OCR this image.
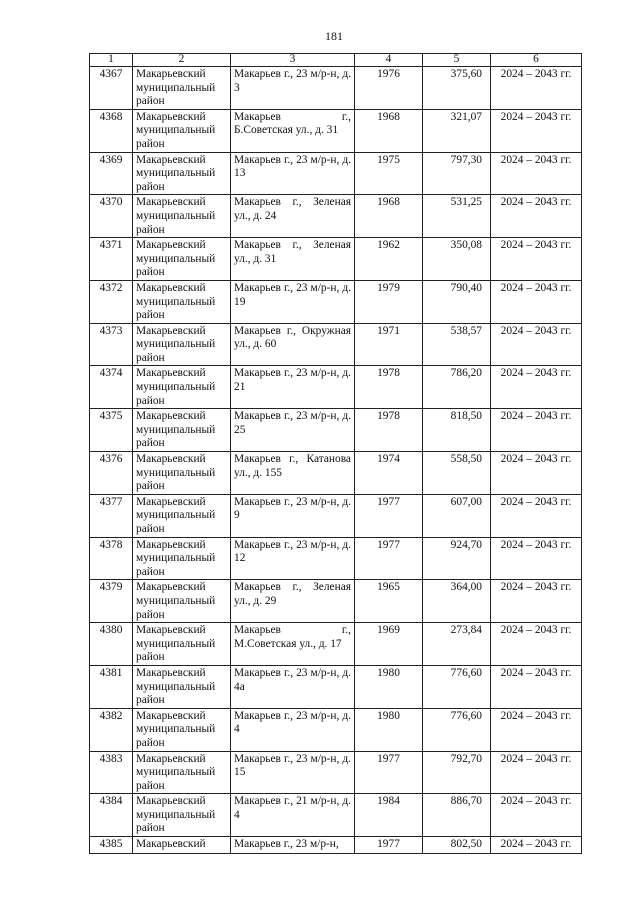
181
1	2	3	4	5	6
4367	Макарьевский муниципальный район	Макарьев г., 23 м/р-н, д. 3	1976	375,60	2024 – 2043 гг.
4368	Макарьевский муниципальный район	Макарьев г., Б.Советская ул., д. 31	1968	321,07	2024 – 2043 гг.
4369	Макарьевский муниципальный район	Макарьев г., 23 м/р-н, д. 13	1975	797,30	2024 – 2043 гг.
4370	Макарьевский муниципальный район	Макарьев г., Зеленая ул., д. 24	1968	531,25	2024 – 2043 гг.
4371	Макарьевский муниципальный район	Макарьев г., Зеленая ул., д. 31	1962	350,08	2024 – 2043 гг.
4372	Макарьевский муниципальный район	Макарьев г., 23 м/р-н, д. 19	1979	790,40	2024 – 2043 гг.
4373	Макарьевский муниципальный район	Макарьев г., Окружная ул., д. 60	1971	538,57	2024 – 2043 гг.
4374	Макарьевский муниципальный район	Макарьев г., 23 м/р-н, д. 21	1978	786,20	2024 – 2043 гг.
4375	Макарьевский муниципальный район	Макарьев г., 23 м/р-н, д. 25	1978	818,50	2024 – 2043 гг.
4376	Макарьевский муниципальный район	Макарьев г., Катанова ул., д. 155	1974	558,50	2024 – 2043 гг.
4377	Макарьевский муниципальный район	Макарьев г., 23 м/р-н, д. 9	1977	607,00	2024 – 2043 гг.
4378	Макарьевский муниципальный район	Макарьев г., 23 м/р-н, д. 12	1977	924,70	2024 – 2043 гг.
4379	Макарьевский муниципальный район	Макарьев г., Зеленая ул., д. 29	1965	364,00	2024 – 2043 гг.
4380	Макарьевский муниципальный район	Макарьев г., М.Советская ул., д. 17	1969	273,84	2024 – 2043 гг.
4381	Макарьевский муниципальный район	Макарьев г., 23 м/р-н, д. 4а	1980	776,60	2024 – 2043 гг.
4382	Макарьевский муниципальный район	Макарьев г., 23 м/р-н, д. 4	1980	776,60	2024 – 2043 гг.
4383	Макарьевский муниципальный район	Макарьев г., 23 м/р-н, д. 15	1977	792,70	2024 – 2043 гг.
4384	Макарьевский муниципальный район	Макарьев г., 21 м/р-н, д. 4	1984	886,70	2024 – 2043 гг.
4385	Макарьевский	Макарьев г., 23 м/р-н,	1977	802,50	2024 – 2043 гг.
